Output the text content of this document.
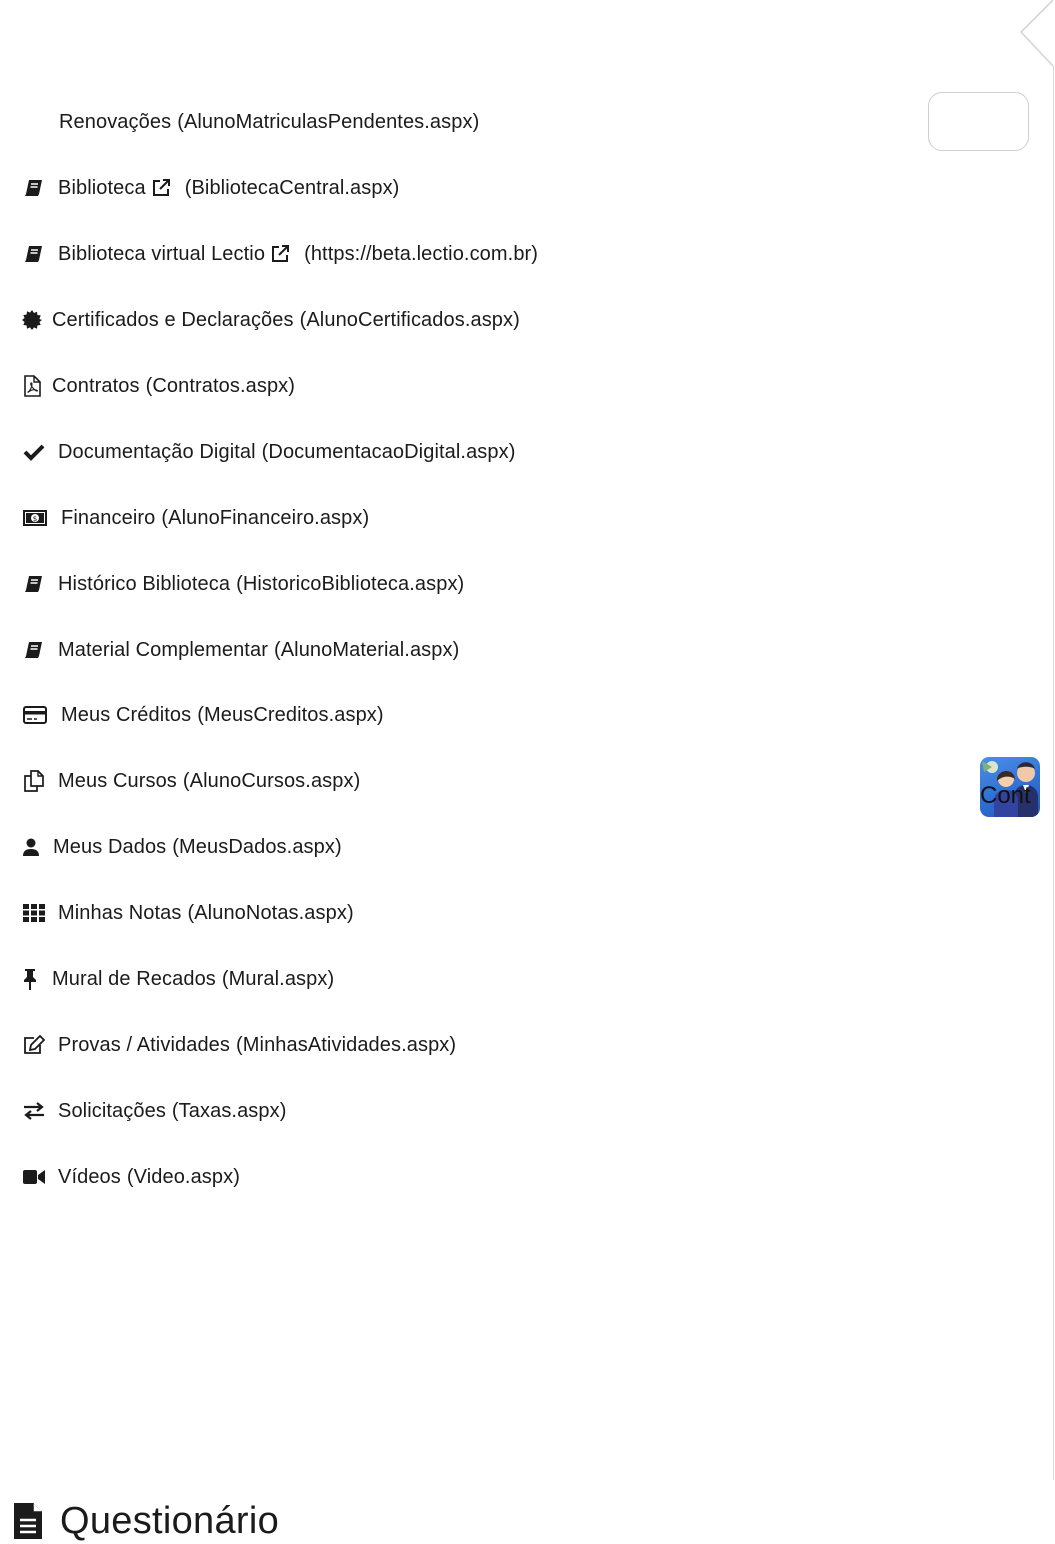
Renovações (AlunoMatriculasPendentes.aspx)
Biblioteca (BibliotecaCentral.aspx)
Biblioteca virtual Lectio (https://beta.lectio.com.br)
Certificados e Declarações (AlunoCertificados.aspx)
Contratos (Contratos.aspx)
Documentação Digital (DocumentacaoDigital.aspx)
$ Financeiro (AlunoFinanceiro.aspx)
Histórico Biblioteca (HistoricoBiblioteca.aspx)
Material Complementar (AlunoMaterial.aspx)
Meus Créditos (MeusCreditos.aspx)
Meus Cursos (AlunoCursos.aspx)
Meus Dados (MeusDados.aspx)
Minhas Notas (AlunoNotas.aspx)
Mural de Recados (Mural.aspx)
Provas / Atividades (MinhasAtividades.aspx)
Solicitações (Taxas.aspx)
Vídeos (Video.aspx)
Cont
Questionário
